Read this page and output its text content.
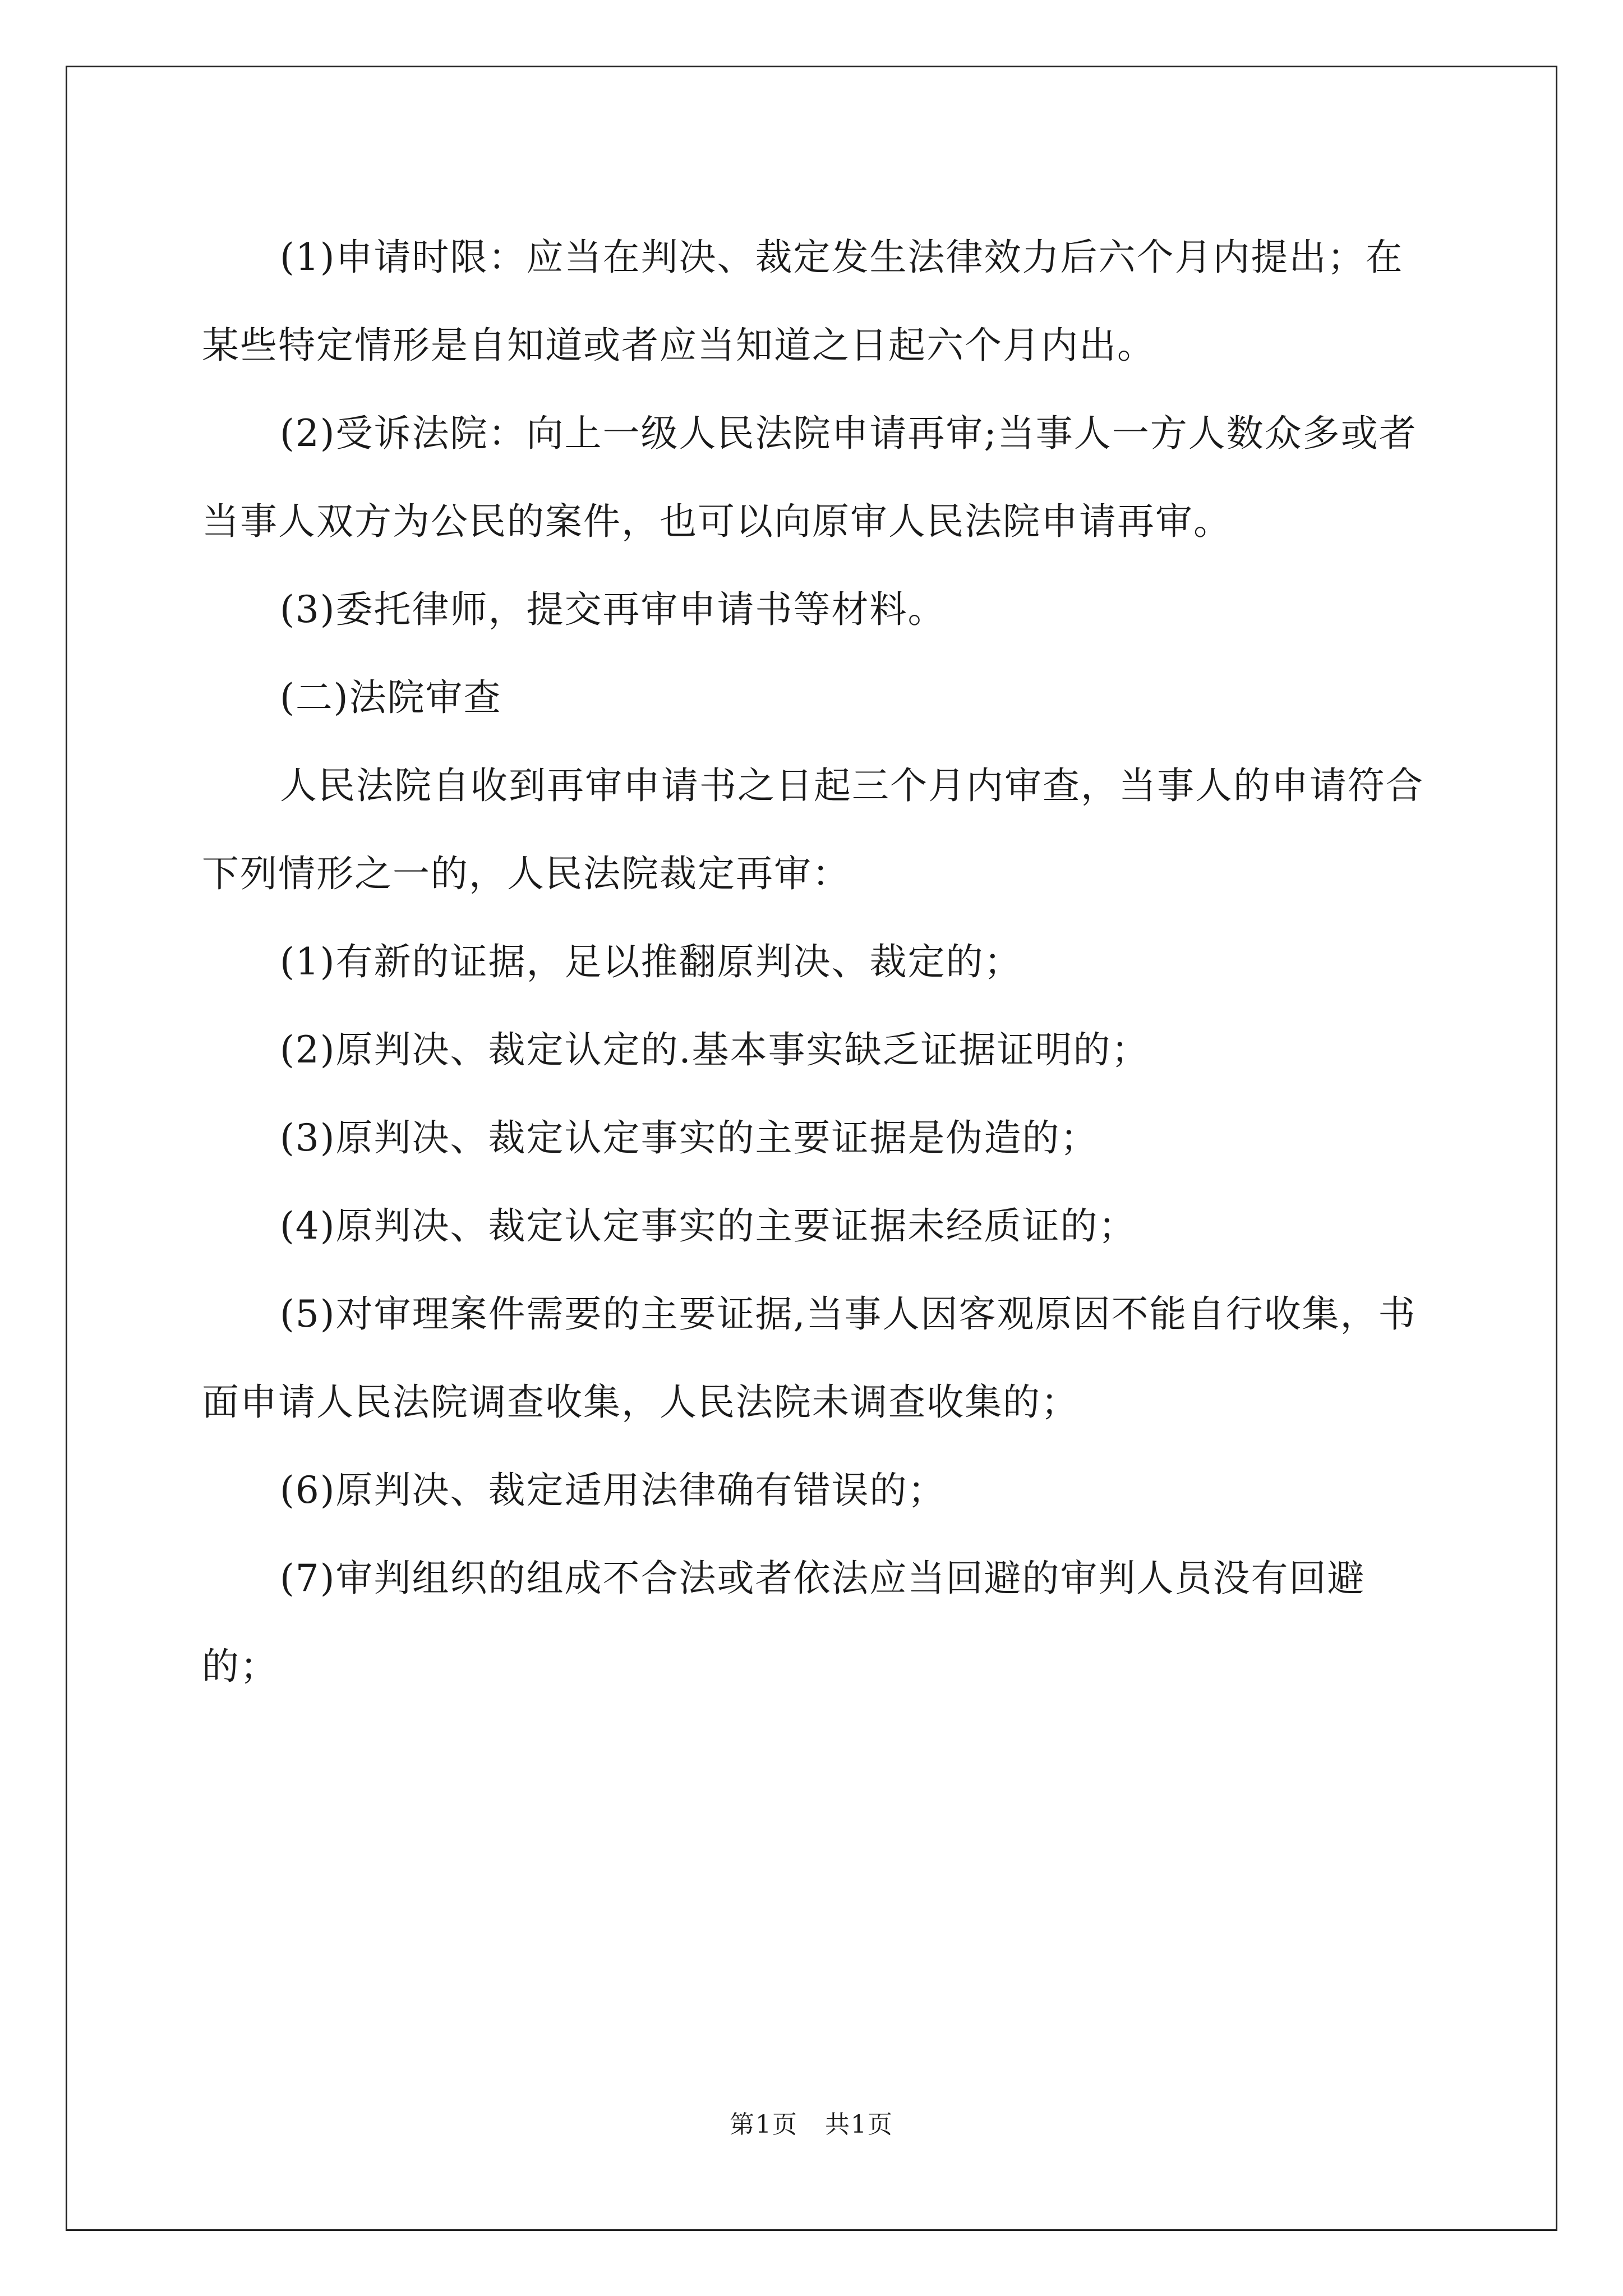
(1)申请时限：应当在判决、裁定发生法律效力后六个月内提出；在某些特定情形是自知道或者应当知道之日起六个月内出。

(2)受诉法院：向上一级人民法院申请再审;当事人一方人数众多或者当事人双方为公民的案件，也可以向原审人民法院申请再审。

(3)委托律师，提交再审申请书等材料。

(二)法院审查

人民法院自收到再审申请书之日起三个月内审查，当事人的申请符合下列情形之一的，人民法院裁定再审：

(1)有新的证据，足以推翻原判决、裁定的；

(2)原判决、裁定认定的.基本事实缺乏证据证明的；

(3)原判决、裁定认定事实的主要证据是伪造的；

(4)原判决、裁定认定事实的主要证据未经质证的；

(5)对审理案件需要的主要证据,当事人因客观原因不能自行收集，书面申请人民法院调查收集，人民法院未调查收集的；

(6)原判决、裁定适用法律确有错误的；

(7)审判组织的组成不合法或者依法应当回避的审判人员没有回避的；

第1页 共1页
